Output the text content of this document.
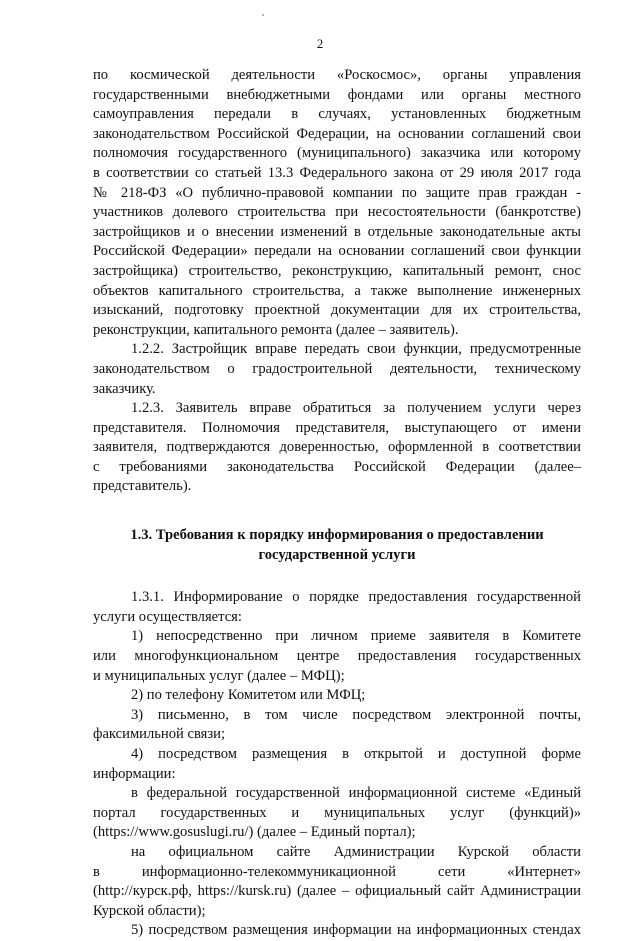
2

по космической деятельности «Роскосмос», органы управления
государственными внебюджетными фондами или органы местного
самоуправления передали в случаях, установленных бюджетным
законодательством Российской Федерации, на основании соглашений свои
полномочия государственного (муниципального) заказчика или которому
в соответствии со статьей 13.3 Федерального закона от 29 июля 2017 года
№ 218-ФЗ «О публично-правовой компании по защите прав граждан -
участников долевого строительства при несостоятельности (банкротстве)
застройщиков и о внесении изменений в отдельные законодательные акты
Российской Федерации» передали на основании соглашений свои функции
застройщика) строительство, реконструкцию, капитальный ремонт, снос
объектов капитального строительства, а также выполнение инженерных
изысканий, подготовку проектной документации для их строительства,
реконструкции, капитального ремонта (далее – заявитель).

1.2.2. Застройщик вправе передать свои функции, предусмотренные
законодательством о градостроительной деятельности, техническому
заказчику.

1.2.3. Заявитель вправе обратиться за получением услуги через
представителя. Полномочия представителя, выступающего от имени
заявителя, подтверждаются доверенностью, оформленной в соответствии
с требованиями законодательства Российской Федерации (далее–
представитель).

1.3. Требования к порядку информирования о предоставлении
государственной услуги

1.3.1. Информирование о порядке предоставления государственной
услуги осуществляется:

1) непосредственно при личном приеме заявителя в Комитете
или многофункциональном центре предоставления государственных
и муниципальных услуг (далее – МФЦ);

2) по телефону Комитетом или МФЦ;

3) письменно, в том числе посредством электронной почты,
факсимильной связи;

4) посредством размещения в открытой и доступной форме
информации:

в федеральной государственной информационной системе «Единый
портал государственных и муниципальных услуг (функций)»
(https://www.gosuslugi.ru/) (далее – Единый портал);

на официальном сайте Администрации Курской области
в информационно-телекоммуникационной сети «Интернет»
(http://курск.рф, https://kursk.ru) (далее – официальный сайт Администрации
Курской области);

5) посредством размещения информации на информационных стендах
